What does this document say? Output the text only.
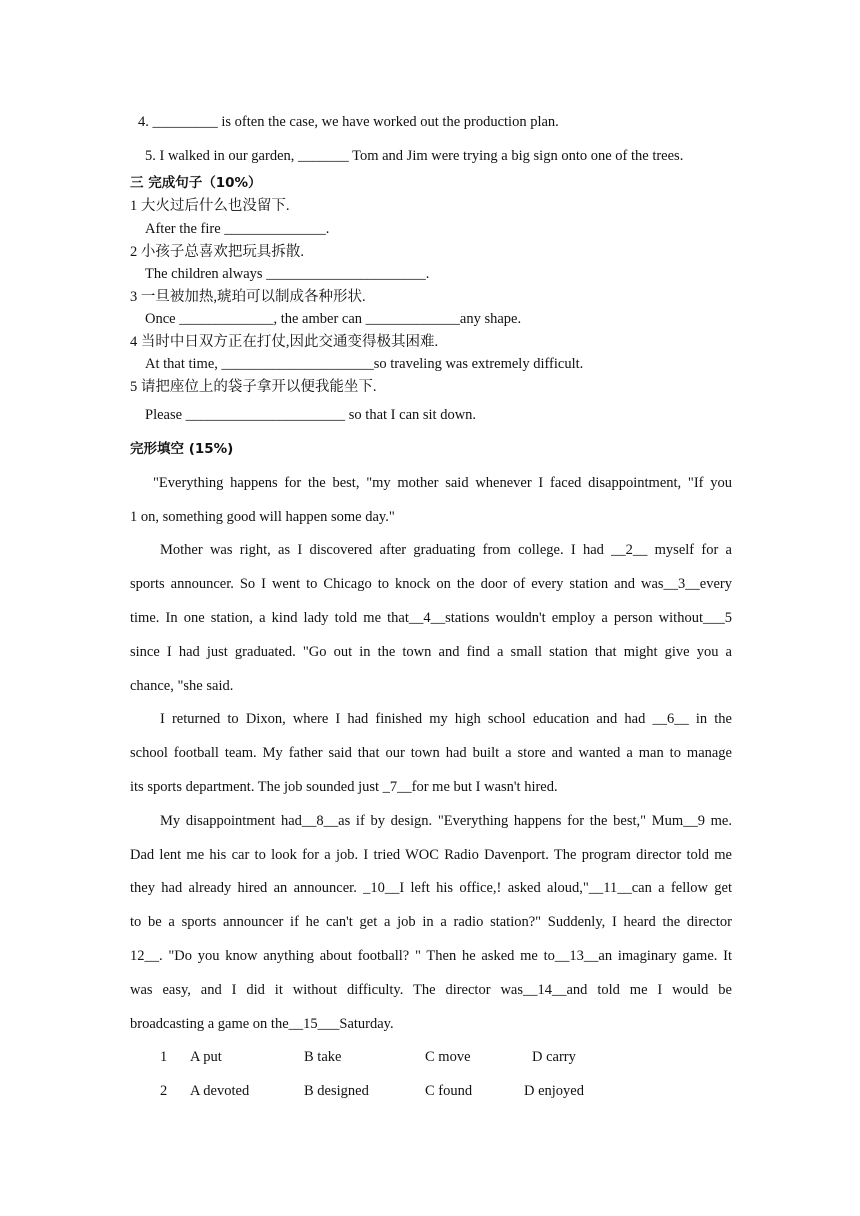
4. _________ is often the case, we have worked out the production plan.
5. I walked in our garden, _______ Tom and Jim were trying a big sign onto one of the trees.
三 完成句子（10%）
1 大火过后什么也没留下.
After the fire ______________.
2 小孩子总喜欢把玩具拆散.
The children always ______________________.
3 一旦被加热,琥珀可以制成各种形状.
Once _____________, the amber can _____________any shape.
4 当时中日双方正在打仗,因此交通变得极其困难.
At that time, _____________________so traveling was extremely difficult.
5 请把座位上的袋子拿开以便我能坐下.
Please ______________________ so that I can sit down.
完形填空 (15%)
"Everything happens for the best, "my mother said whenever I faced disappointment, "If you
1 on, something good will happen some day."
Mother was right, as I discovered after graduating from college. I had __2__ myself for a
sports announcer. So I went to Chicago to knock on the door of every station and was__3__every
time. In one station, a kind lady told me that__4__stations wouldn't employ a person without___5
since I had just graduated. "Go out in the town and find a small station that might give you a
chance, "she said.
I returned to Dixon, where I had finished my high school education and had __6__ in the
school football team. My father said that our town had built a store and wanted a man to manage
its sports department. The job sounded just _7__for me but I wasn't hired.
My disappointment had__8__as if by design. "Everything happens for the best," Mum__9 me.
Dad lent me his car to look for a job. I tried WOC Radio Davenport. The program director told me
they had already hired an announcer. _10__I left his office,! asked aloud,"__11__can a fellow get
to be a sports announcer if he can't get a job in a radio station?" Suddenly, I heard the director
12__. "Do you know anything about football? " Then he asked me to__13__an imaginary game. It
was easy, and I did it without difficulty. The director was__14__and told me I would be
broadcasting a game on the__15___Saturday.
1 A put	B take	C move	D carry
2 A devoted	B designed	C found	D enjoyed
